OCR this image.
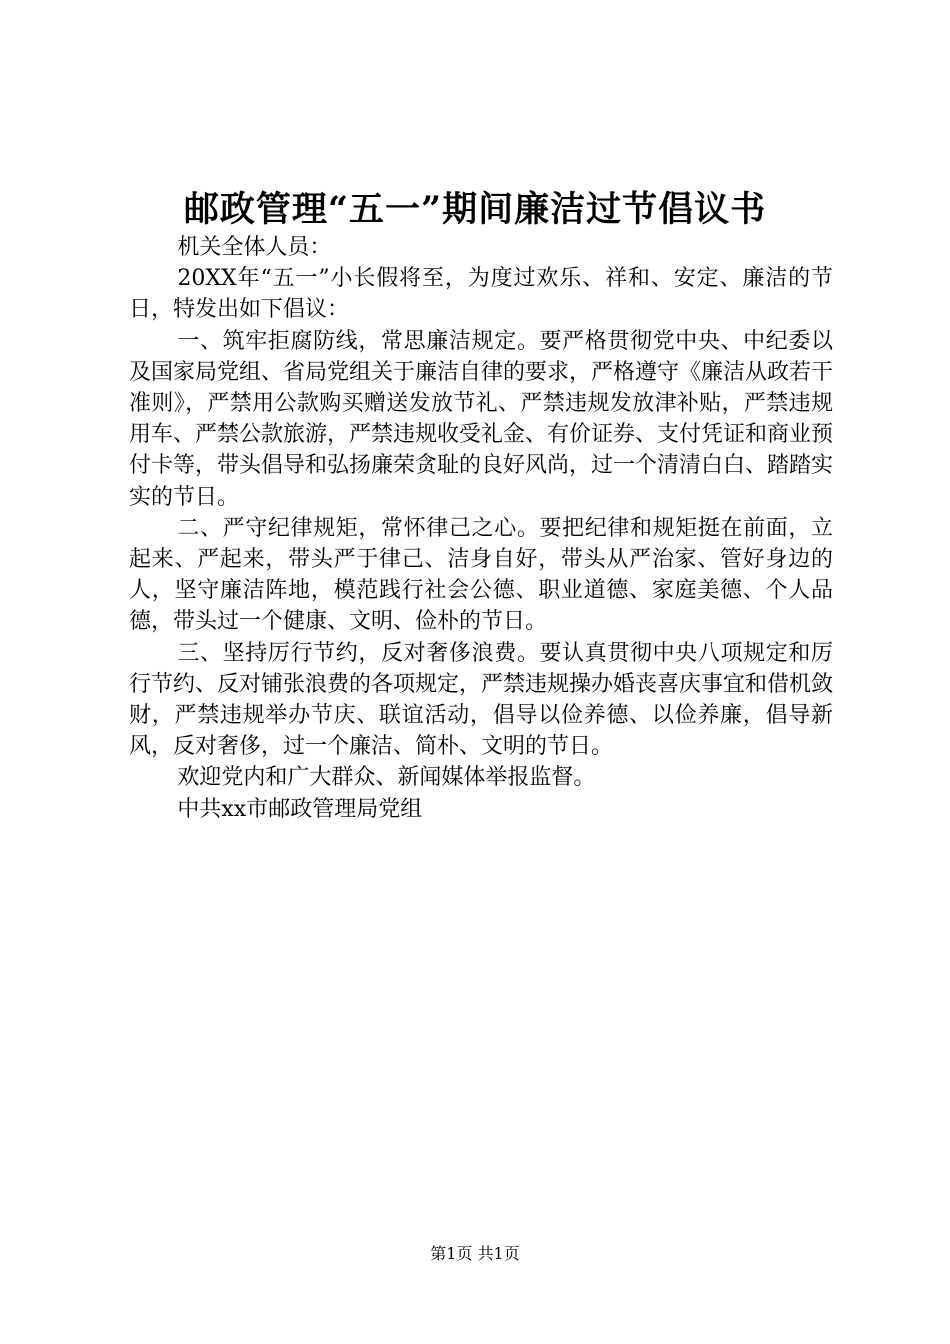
邮政管理“五一”期间廉洁过节倡议书

机关全体人员：

20XX年“五一”小长假将至，为度过欢乐、祥和、安定、廉洁的节日，特发出如下倡议：

一、筑牢拒腐防线，常思廉洁规定。要严格贯彻党中央、中纪委以及国家局党组、省局党组关于廉洁自律的要求，严格遵守《廉洁从政若干准则》，严禁用公款购买赠送发放节礼、严禁违规发放津补贴，严禁违规用车、严禁公款旅游，严禁违规收受礼金、有价证券、支付凭证和商业预付卡等，带头倡导和弘扬廉荣贪耻的良好风尚，过一个清清白白、踏踏实实的节日。

二、严守纪律规矩，常怀律己之心。要把纪律和规矩挺在前面，立起来、严起来，带头严于律己、洁身自好，带头从严治家、管好身边的人，坚守廉洁阵地，模范践行社会公德、职业道德、家庭美德、个人品德，带头过一个健康、文明、俭朴的节日。

三、坚持厉行节约，反对奢侈浪费。要认真贯彻中央八项规定和厉行节约、反对铺张浪费的各项规定，严禁违规操办婚丧喜庆事宜和借机敛财，严禁违规举办节庆、联谊活动，倡导以俭养德、以俭养廉，倡导新风，反对奢侈，过一个廉洁、简朴、文明的节日。

欢迎党内和广大群众、新闻媒体举报监督。

中共xx市邮政管理局党组

第1页 共1页
